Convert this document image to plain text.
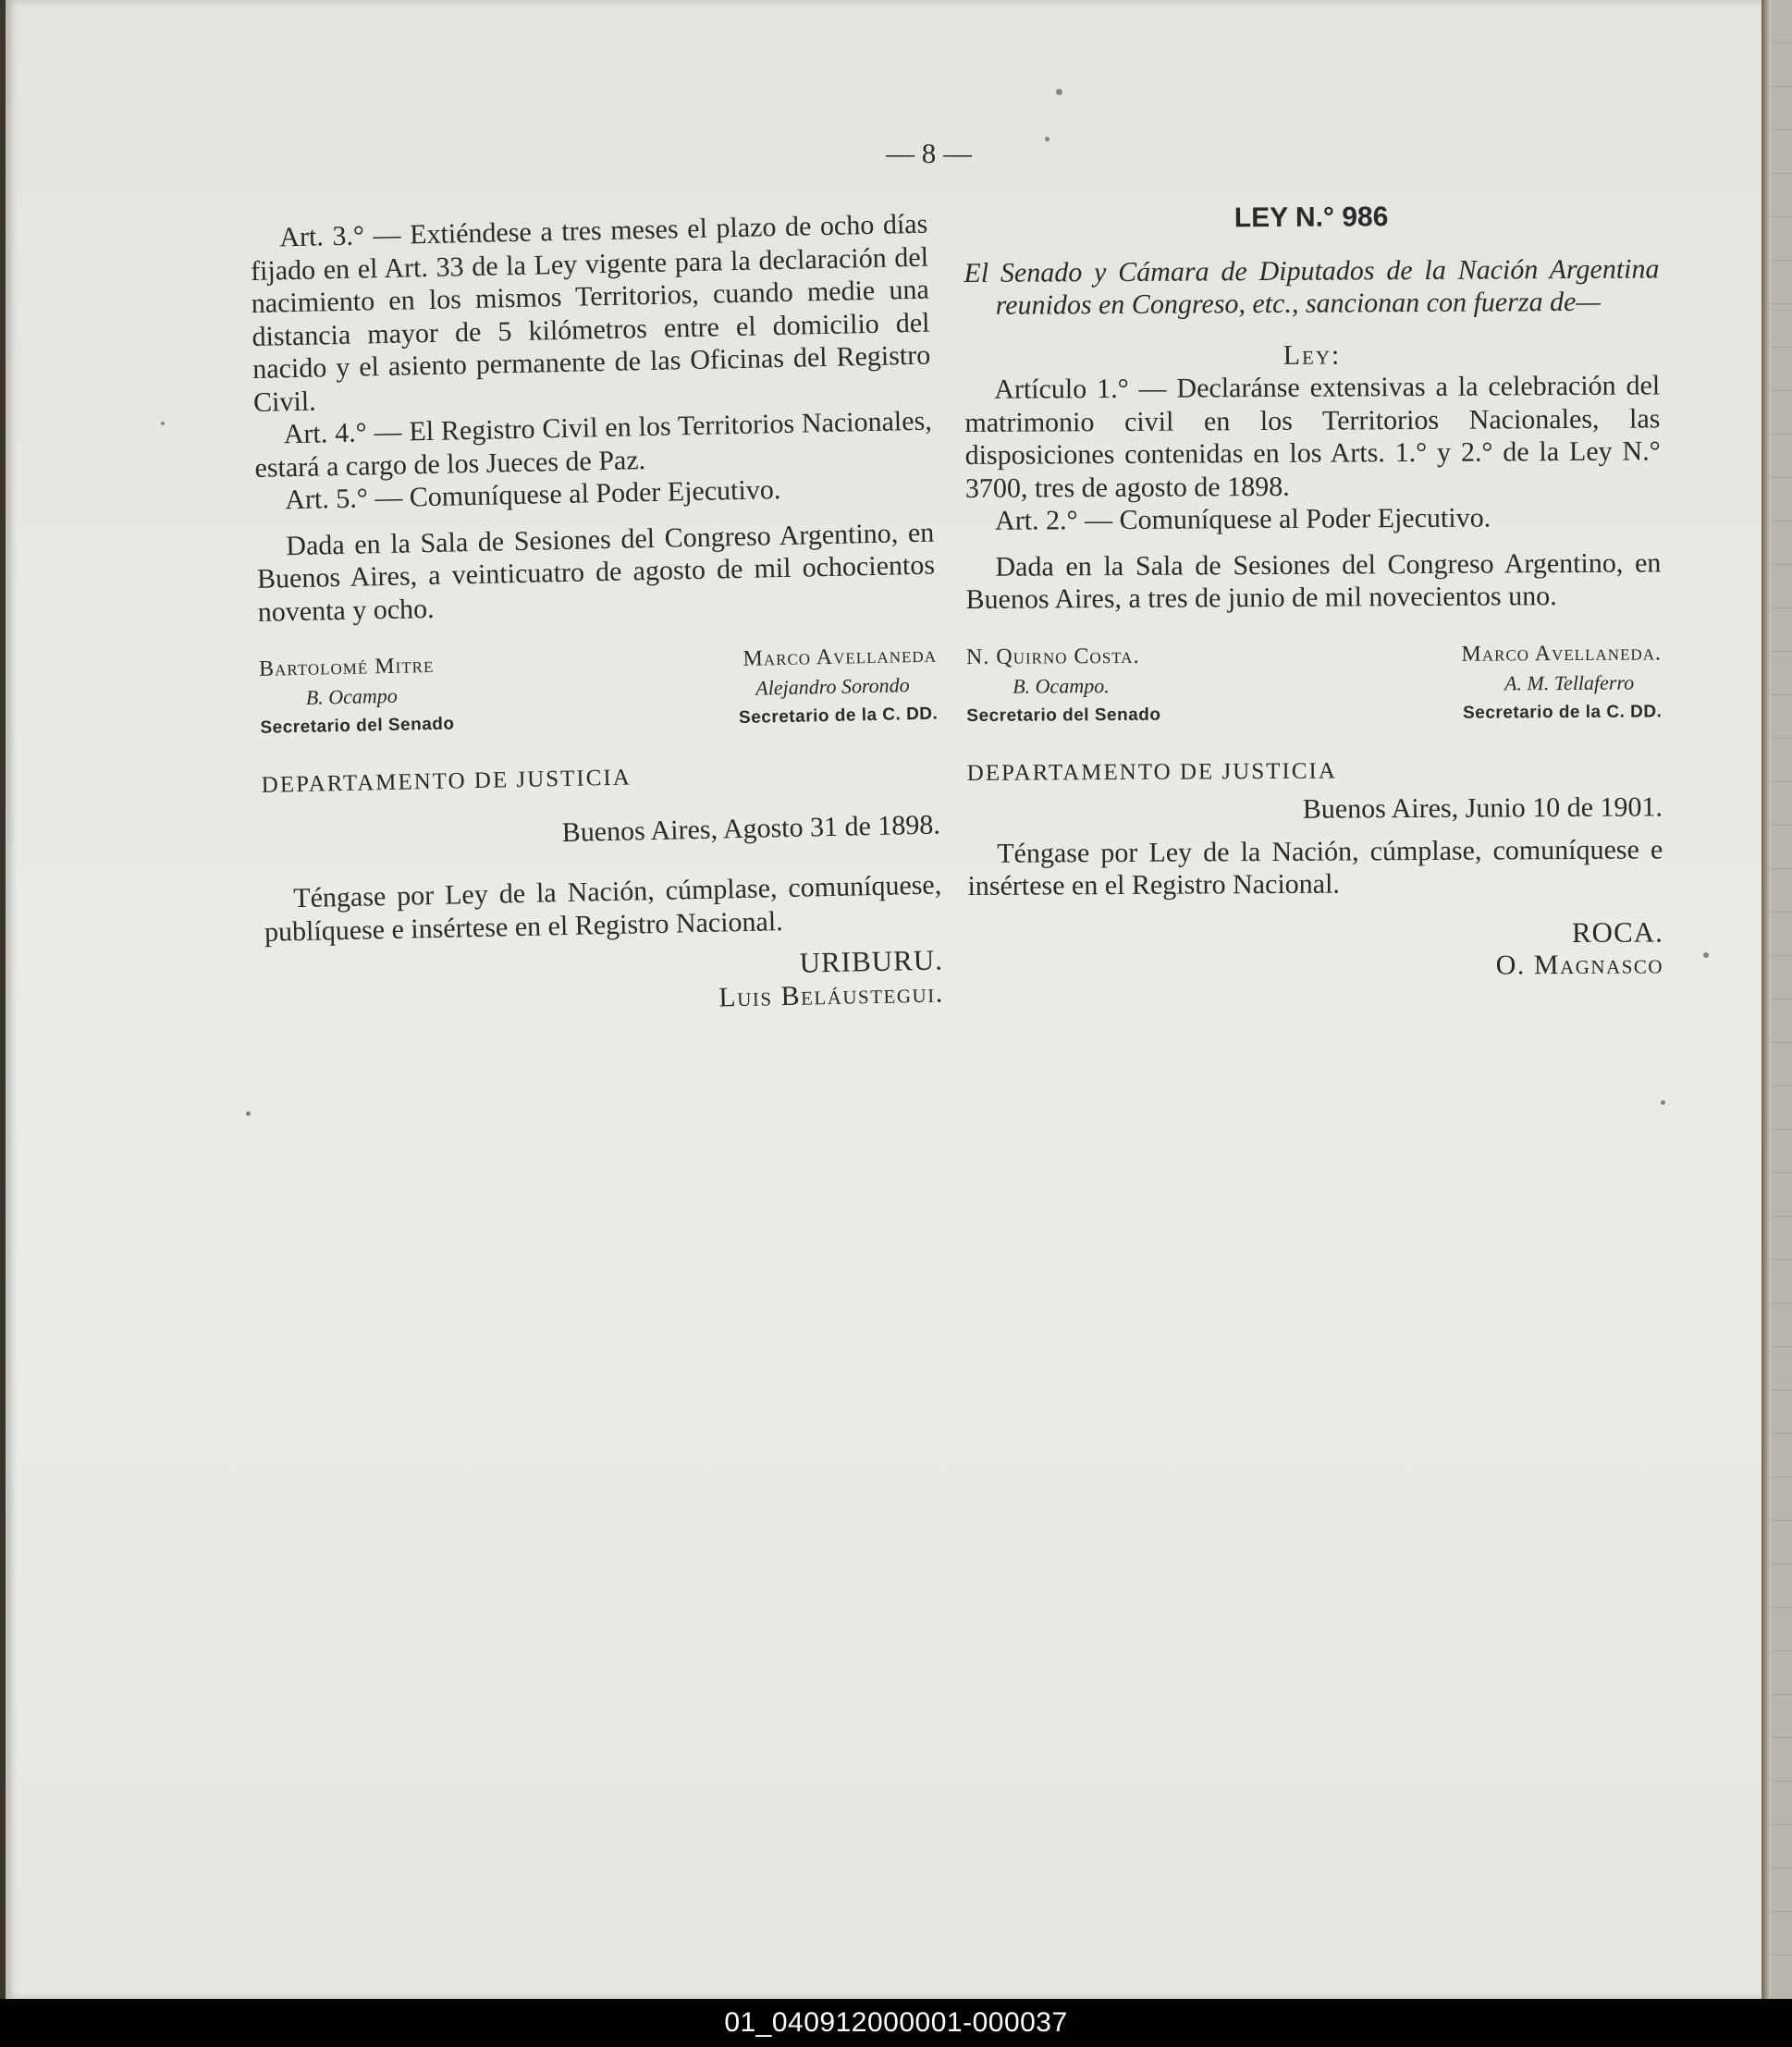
— 8 —

Art. 3.° — Extiéndese a tres meses el plazo de ocho días fijado en el Art. 33 de la Ley vigente para la declaración del nacimiento en los mismos Territorios, cuando medie una distancia mayor de 5 kilómetros entre el domicilio del nacido y el asiento permanente de las Oficinas del Registro Civil.

Art. 4.° — El Registro Civil en los Territorios Nacionales, estará a cargo de los Jueces de Paz.

Art. 5.° — Comuníquese al Poder Ejecutivo.

Dada en la Sala de Sesiones del Congreso Argentino, en Buenos Aires, a veinticuatro de agosto de mil ochocientos noventa y ocho.

Bartolomé Mitre
B. Ocampo
Secretario del Senado
Marco Avellaneda
Alejandro Sorondo
Secretario de la C. DD.
DEPARTAMENTO DE JUSTICIA
Buenos Aires, Agosto 31 de 1898.

Téngase por Ley de la Nación, cúmplase, comuníquese, publíquese e insértese en el Registro Nacional.

URIBURU.
Luis Beláustegui.
LEY N.° 986

El Senado y Cámara de Diputados de la Nación Argentina reunidos en Congreso, etc., sancionan con fuerza de—

Ley:

Artículo 1.° — Declaránse extensivas a la celebración del matrimonio civil en los Territorios Nacionales, las disposiciones contenidas en los Arts. 1.° y 2.° de la Ley N.° 3700, tres de agosto de 1898.

Art. 2.° — Comuníquese al Poder Ejecutivo.

Dada en la Sala de Sesiones del Congreso Argentino, en Buenos Aires, a tres de junio de mil novecientos uno.

N. Quirno Costa.
B. Ocampo.
Secretario del Senado
Marco Avellaneda.
A. M. Tellaferro
Secretario de la C. DD.
DEPARTAMENTO DE JUSTICIA
Buenos Aires, Junio 10 de 1901.

Téngase por Ley de la Nación, cúmplase, comuníquese e insértese en el Registro Nacional.

ROCA.
O. Magnasco
01_040912000001-000037
